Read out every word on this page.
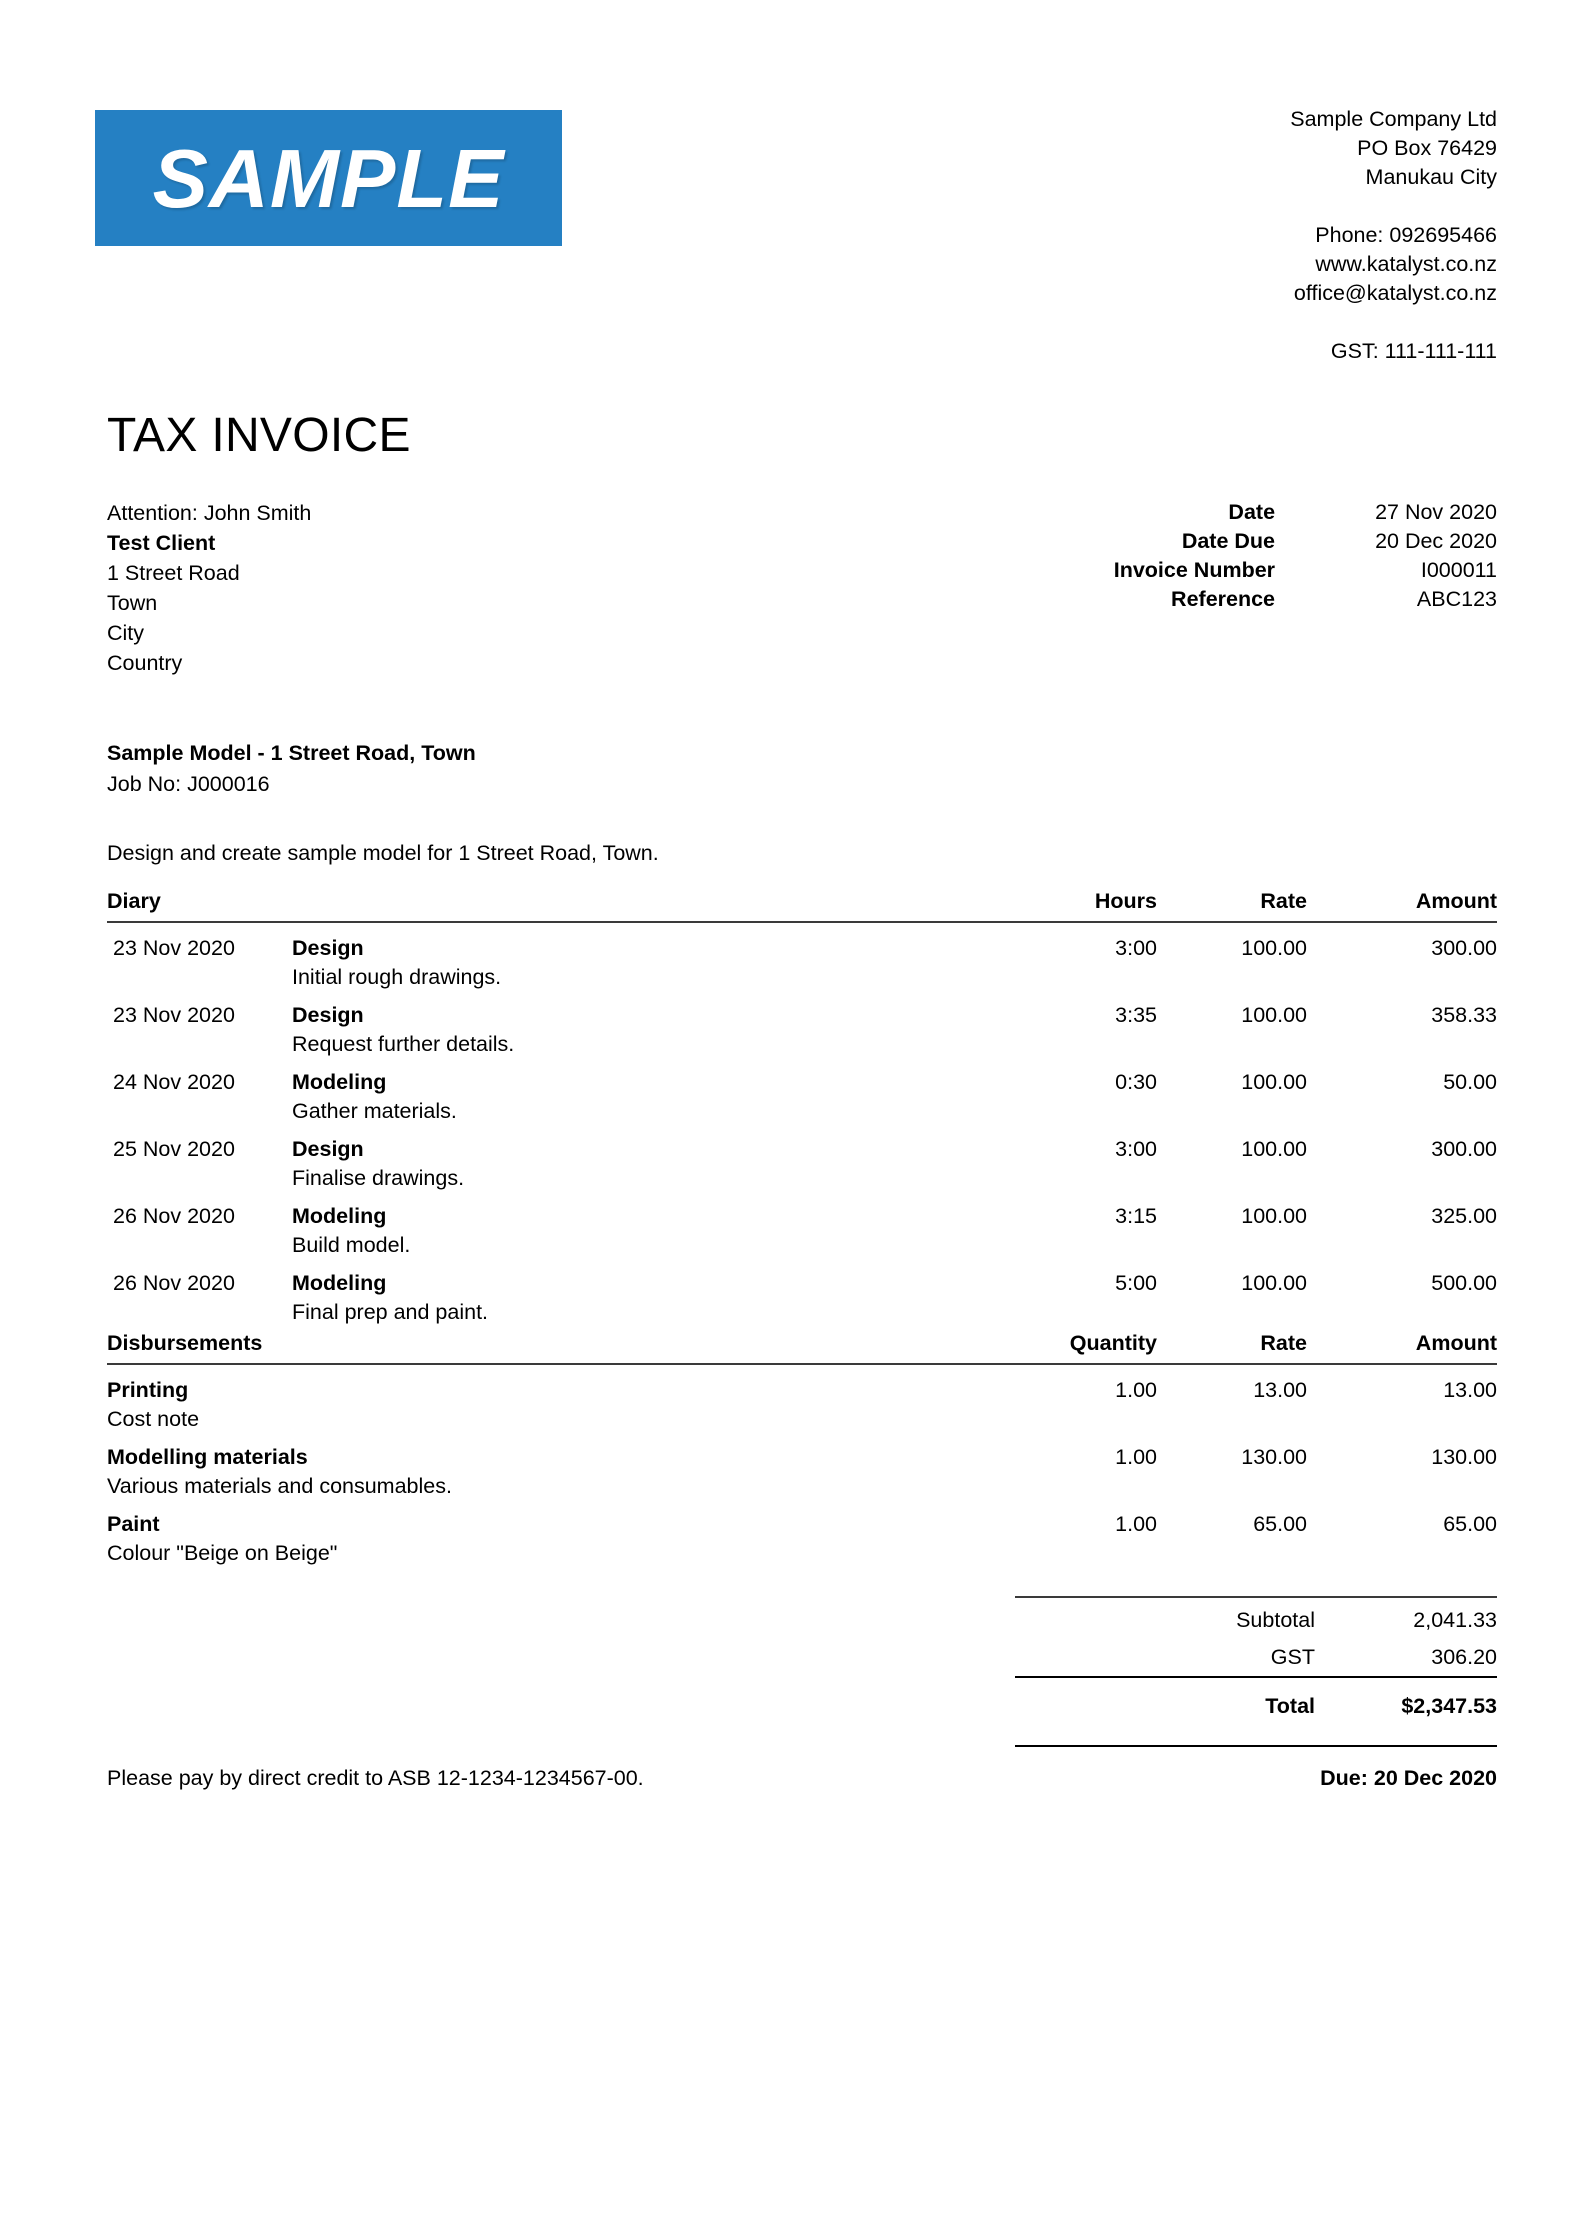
SAMPLE
Sample Company Ltd
PO Box 76429
Manukau City
Phone: 092695466
www.katalyst.co.nz
office@katalyst.co.nz
GST: 111-111-111
TAX INVOICE
Attention: John Smith
Test Client
1 Street Road
Town
City
Country
Date	27 Nov 2020
Date Due	20 Dec 2020
Invoice Number	I000011
Reference	ABC123
Sample Model - 1 Street Road, Town
Job No: J000016
Design and create sample model for 1 Street Road, Town.
Diary		Hours	Rate	Amount
23 Nov 2020	Design	3:00	100.00	300.00
	Initial rough drawings.			
23 Nov 2020	Design	3:35	100.00	358.33
	Request further details.			
24 Nov 2020	Modeling	0:30	100.00	50.00
	Gather materials.			
25 Nov 2020	Design	3:00	100.00	300.00
	Finalise drawings.			
26 Nov 2020	Modeling	3:15	100.00	325.00
	Build model.			
26 Nov 2020	Modeling	5:00	100.00	500.00
	Final prep and paint.			
Disbursements	Quantity	Rate	Amount
Printing	1.00	13.00	13.00
Cost note			
Modelling materials	1.00	130.00	130.00
Various materials and consumables.			
Paint	1.00	65.00	65.00
Colour "Beige on Beige"			
Subtotal	2,041.33
GST	306.20
Total	$2,347.53
Please pay by direct credit to ASB 12-1234-1234567-00.	Due: 20 Dec 2020
